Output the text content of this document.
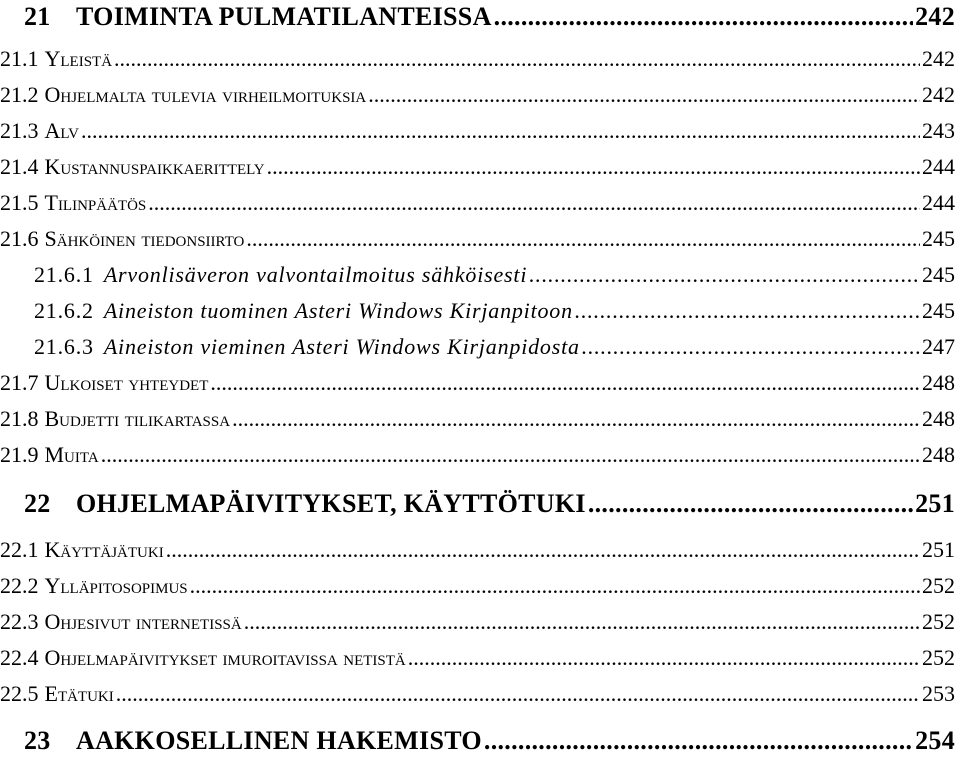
21 TOIMINTA PULMATILANTEISSA .....	242
21.1 Yleistä .....	242
21.2 Ohjelmalta tulevia virheilmoituksia .....	242
21.3 Alv .....	243
21.4 Kustannuspaikkaerittely .....	244
21.5 Tilinpäätös .....	244
21.6 Sähköinen tiedonsiirto .....	245
21.6.1 Arvonlisäveron valvontailmoitus sähköisesti .....	245
21.6.2 Aineiston tuominen Asteri Windows Kirjanpitoon .....	245
21.6.3 Aineiston vieminen Asteri Windows Kirjanpidosta .....	247
21.7 Ulkoiset yhteydet .....	248
21.8 Budjetti tilikartassa .....	248
21.9 Muita .....	248
22 OHJELMAPÄIVITYKSET, KÄYTTÖTUKI .....	251
22.1 Käyttäjätuki .....	251
22.2 Ylläpitosopimus .....	252
22.3 Ohjesivut internetissä .....	252
22.4 Ohjelmapäivitykset imuroitavissa netistä .....	252
22.5 Etätuki .....	253
23 AAKKOSELLINEN HAKEMISTO .....	254
